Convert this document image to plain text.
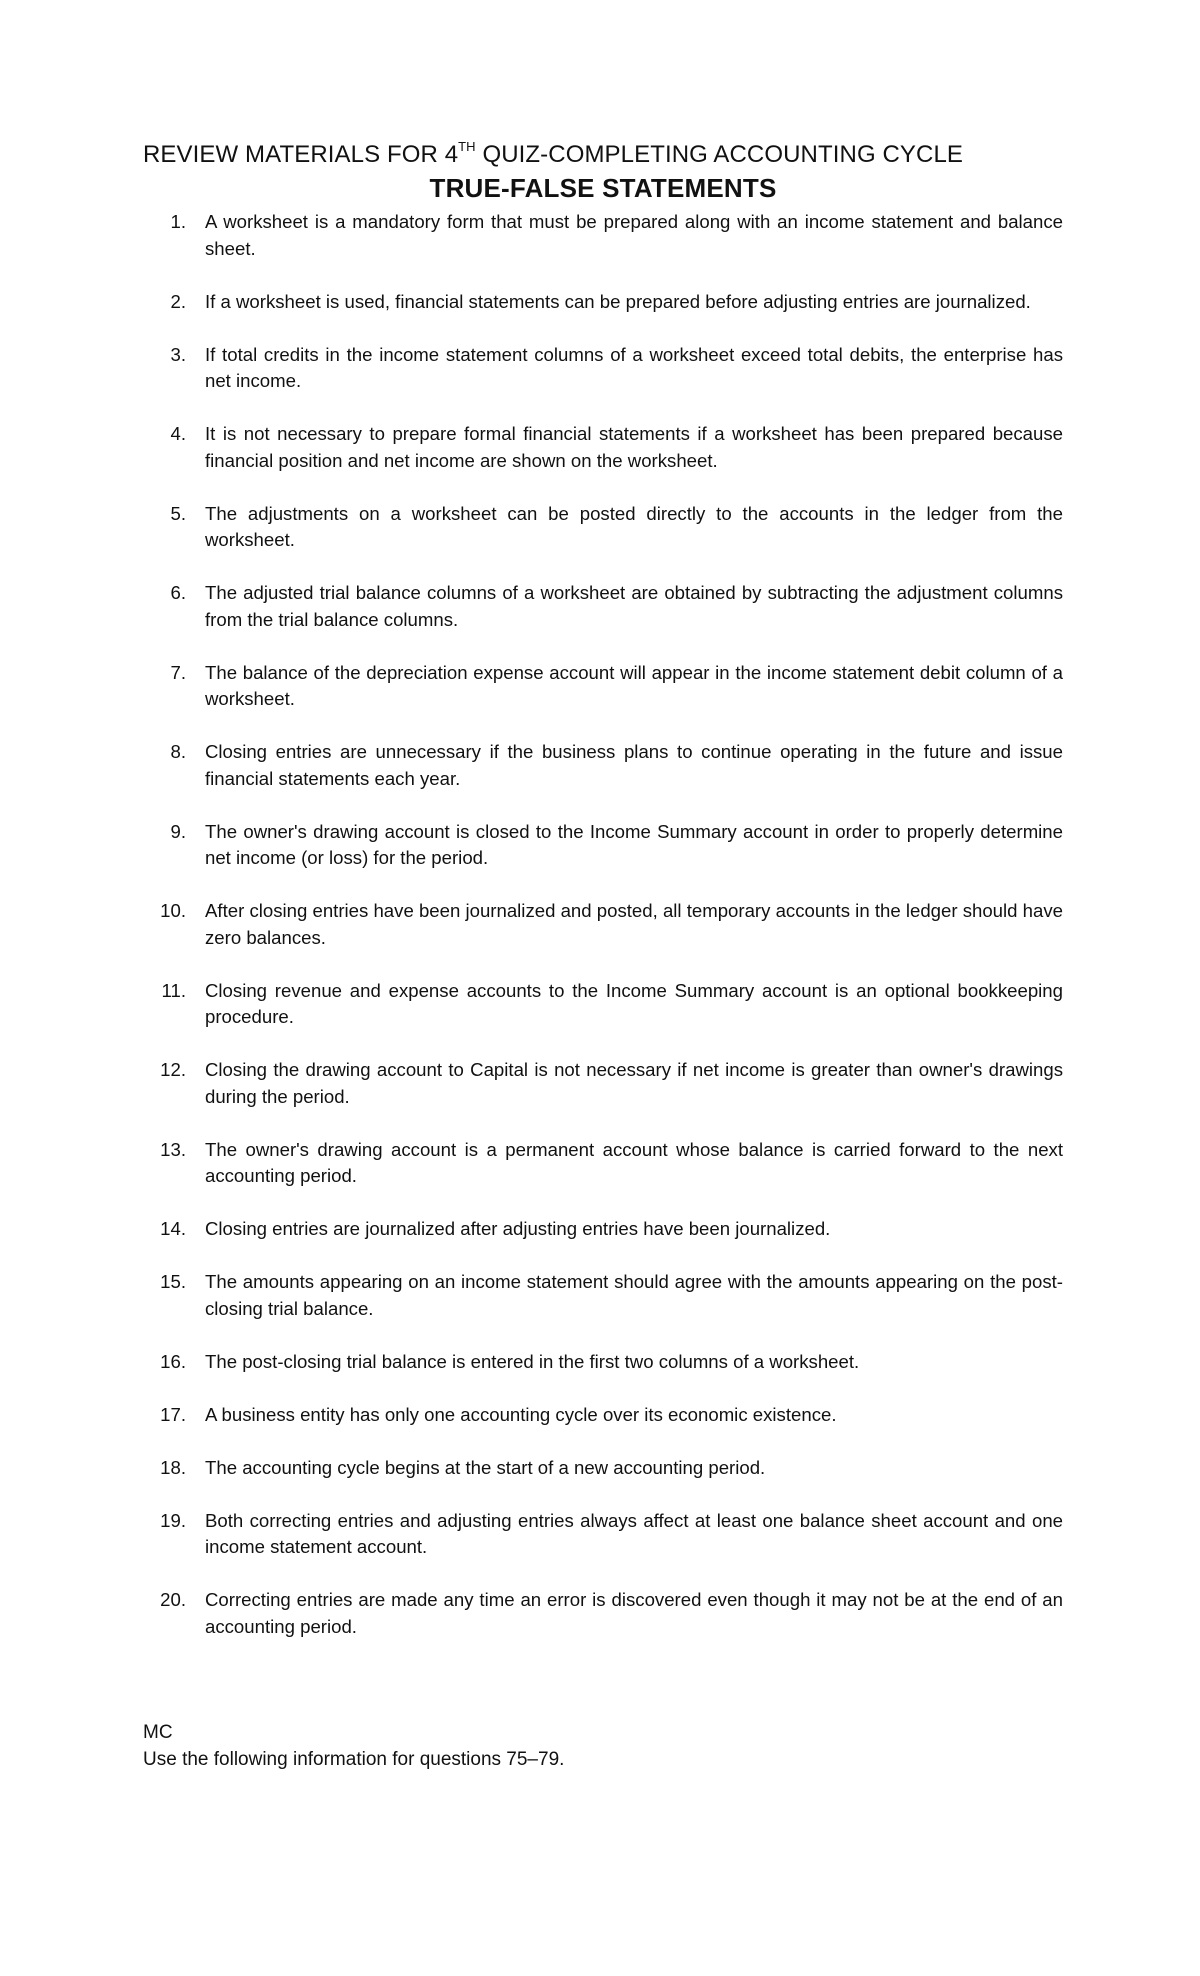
REVIEW MATERIALS FOR 4TH QUIZ-COMPLETING ACCOUNTING CYCLE
TRUE-FALSE STATEMENTS
1.	A worksheet is a mandatory form that must be prepared along with an income statement and balance sheet.
2.	If a worksheet is used, financial statements can be prepared before adjusting entries are journalized.
3.	If total credits in the income statement columns of a worksheet exceed total debits, the enterprise has net income.
4.	It is not necessary to prepare formal financial statements if a worksheet has been prepared because financial position and net income are shown on the worksheet.
5.	The adjustments on a worksheet can be posted directly to the accounts in the ledger from the worksheet.
6.	The adjusted trial balance columns of a worksheet are obtained by subtracting the adjustment columns from the trial balance columns.
7.	The balance of the depreciation expense account will appear in the income statement debit column of a worksheet.
8.	Closing entries are unnecessary if the business plans to continue operating in the future and issue financial statements each year.
9.	The owner's drawing account is closed to the Income Summary account in order to properly determine net income (or loss) for the period.
10.	After closing entries have been journalized and posted, all temporary accounts in the ledger should have zero balances.
11.	Closing revenue and expense accounts to the Income Summary account is an optional bookkeeping procedure.
12.	Closing the drawing account to Capital is not necessary if net income is greater than owner's drawings during the period.
13.	The owner's drawing account is a permanent account whose balance is carried forward to the next accounting period.
14.	Closing entries are journalized after adjusting entries have been journalized.
15.	The amounts appearing on an income statement should agree with the amounts appearing on the post-closing trial balance.
16.	The post-closing trial balance is entered in the first two columns of a worksheet.
17.	A business entity has only one accounting cycle over its economic existence.
18.	The accounting cycle begins at the start of a new accounting period.
19.	Both correcting entries and adjusting entries always affect at least one balance sheet account and one income statement account.
20.	Correcting entries are made any time an error is discovered even though it may not be at the end of an accounting period.
MC
Use the following information for questions 75–79.
